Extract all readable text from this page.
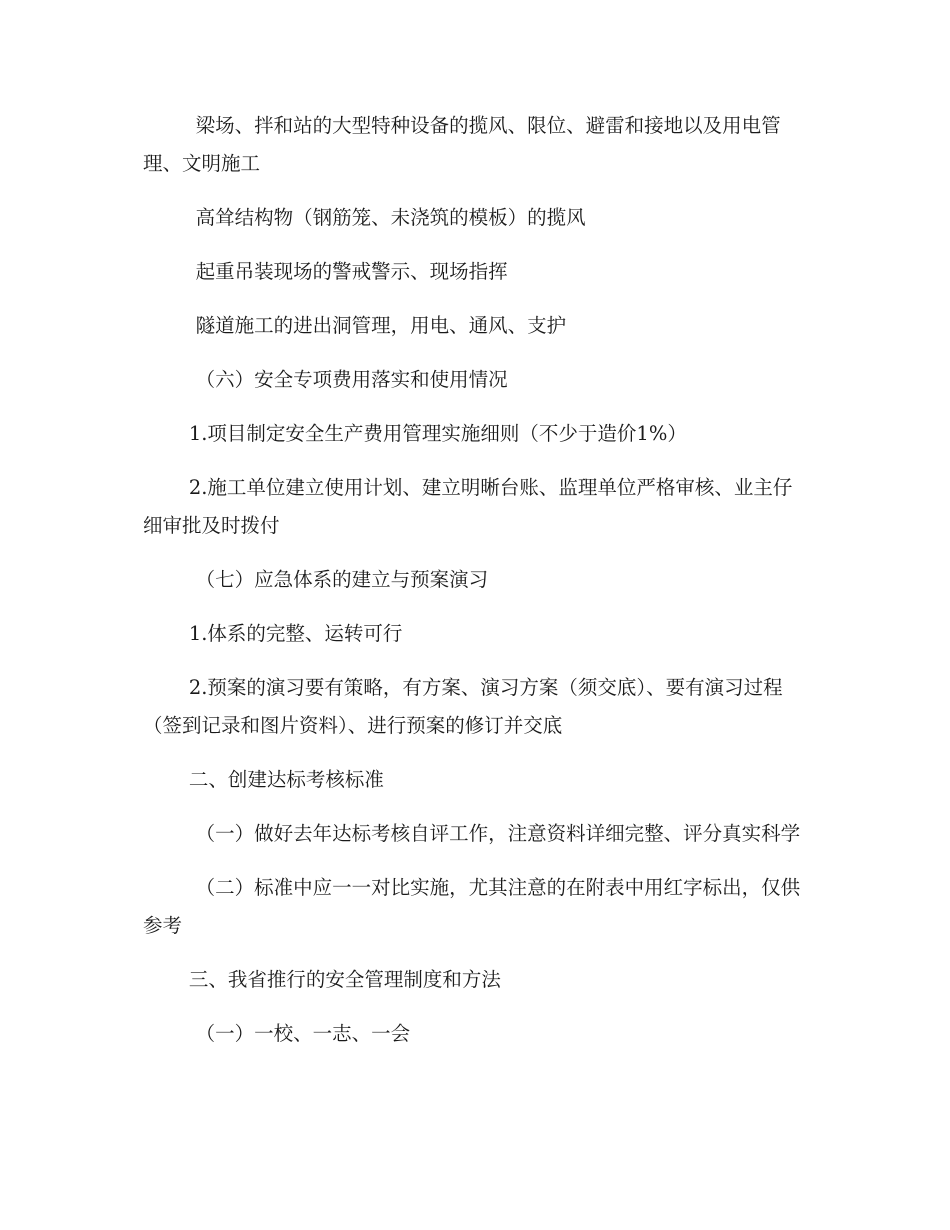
梁场、拌和站的大型特种设备的揽风、限位、避雷和接地以及用电管理、文明施工

高耸结构物（钢筋笼、未浇筑的模板）的揽风

起重吊装现场的警戒警示、现场指挥

隧道施工的进出洞管理，用电、通风、支护

（六）安全专项费用落实和使用情况

1.项目制定安全生产费用管理实施细则（不少于造价1%）

2.施工单位建立使用计划、建立明晰台账、监理单位严格审核、业主仔细审批及时拨付

（七）应急体系的建立与预案演习

1.体系的完整、运转可行

2.预案的演习要有策略，有方案、演习方案（须交底）、要有演习过程（签到记录和图片资料）、进行预案的修订并交底

二、创建达标考核标准

（一）做好去年达标考核自评工作，注意资料详细完整、评分真实科学

（二）标准中应一一对比实施，尤其注意的在附表中用红字标出，仅供参考

三、我省推行的安全管理制度和方法

（一）一校、一志、一会
